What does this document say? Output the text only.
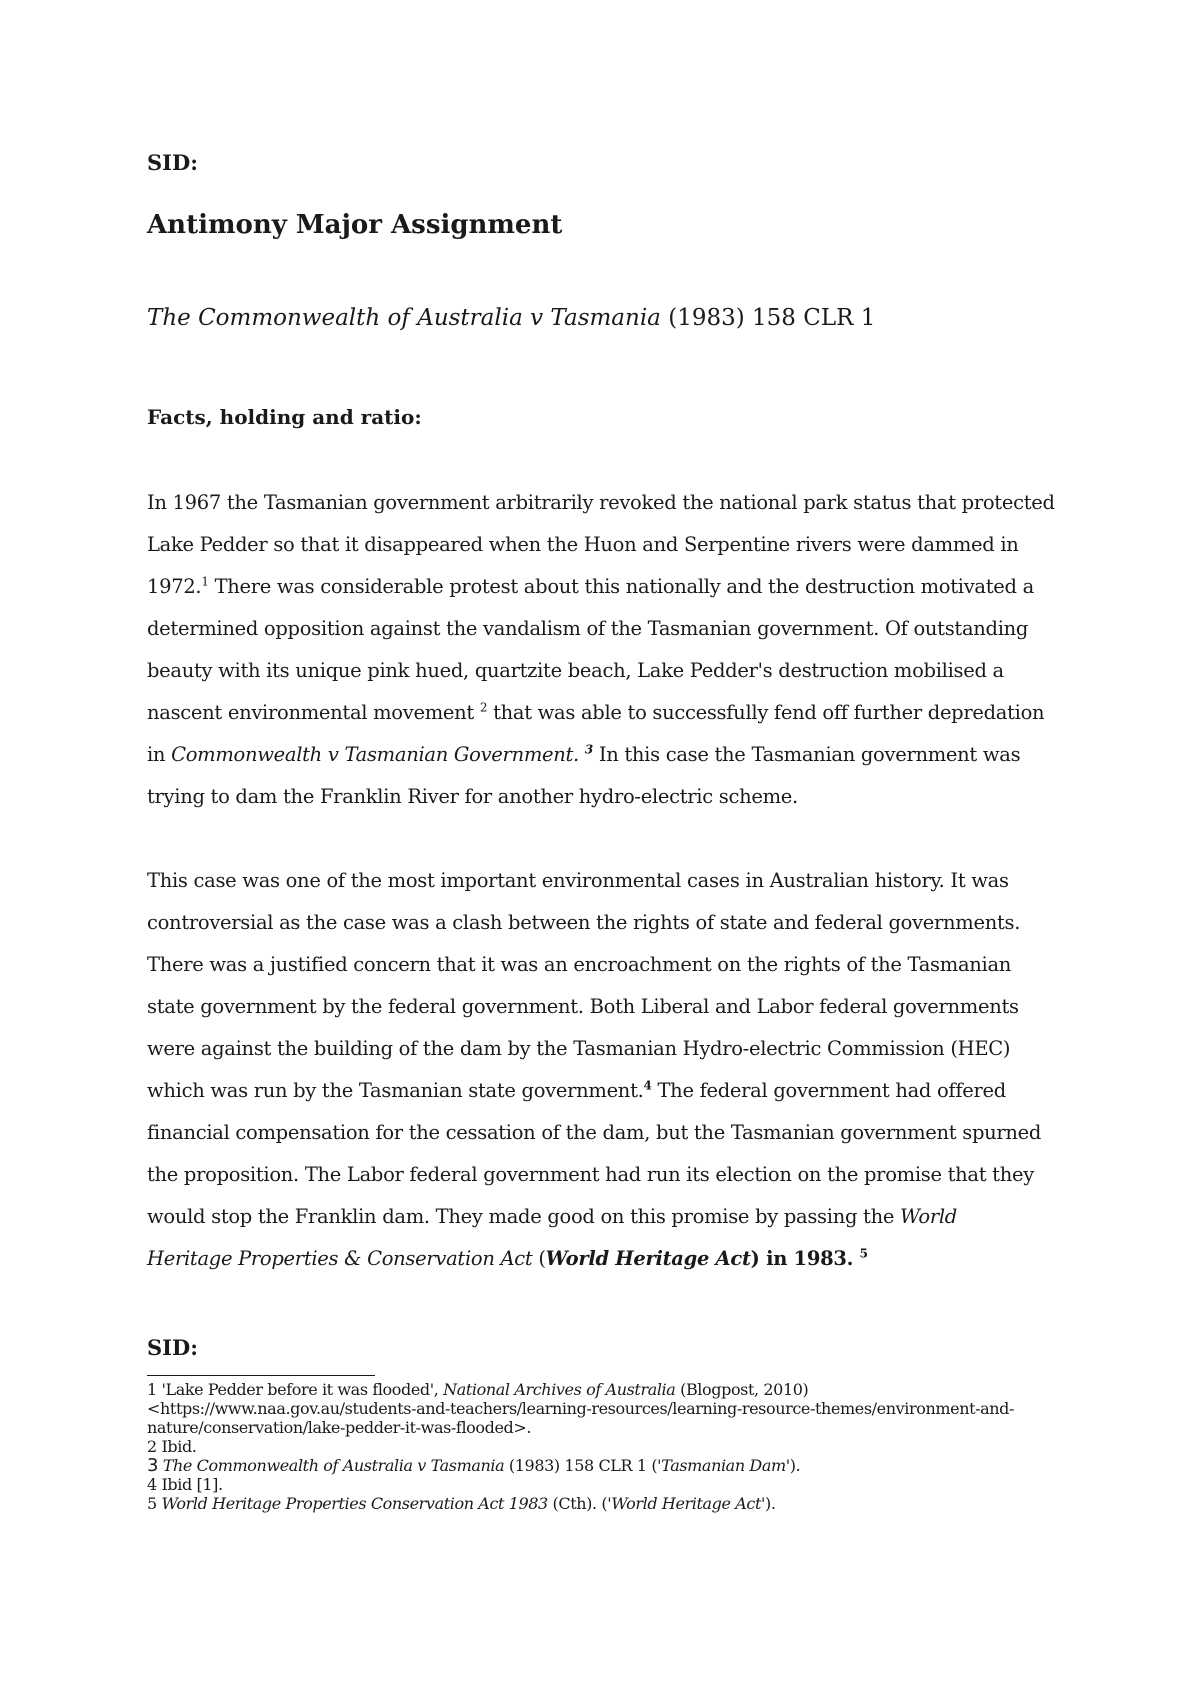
SID:
Antimony Major Assignment
The Commonwealth of Australia v Tasmania (1983) 158 CLR 1
Facts, holding and ratio:
In 1967 the Tasmanian government arbitrarily revoked the national park status that protected
Lake Pedder so that it disappeared when the Huon and Serpentine rivers were dammed in
1972.$^1$ There was considerable protest about this nationally and the destruction motivated a
determined opposition against the vandalism of the Tasmanian government. Of outstanding
beauty with its unique pink hued, quartzite beach, Lake Pedder's destruction mobilised a
nascent environmental movement $^2$ that was able to successfully fend off further depredation
in Commonwealth v Tasmanian Government. $^3$ In this case the Tasmanian government was
trying to dam the Franklin River for another hydro-electric scheme.
This case was one of the most important environmental cases in Australian history. It was
controversial as the case was a clash between the rights of state and federal governments.
There was a justified concern that it was an encroachment on the rights of the Tasmanian
state government by the federal government. Both Liberal and Labor federal governments
were against the building of the dam by the Tasmanian Hydro-electric Commission (HEC)
which was run by the Tasmanian state government.$^4$ The federal government had offered
financial compensation for the cessation of the dam, but the Tasmanian government spurned
the proposition. The Labor federal government had run its election on the promise that they
would stop the Franklin dam. They made good on this promise by passing the World
Heritage Properties & Conservation Act (World Heritage Act) in 1983. $^5$
SID:
1 'Lake Pedder before it was flooded', National Archives of Australia (Blogpost, 2010)
<https://www.naa.gov.au/students-and-teachers/learning-resources/learning-resource-themes/environment-and-
nature/conservation/lake-pedder-it-was-flooded>.
2 Ibid.
3 The Commonwealth of Australia v Tasmania (1983) 158 CLR 1 ('Tasmanian Dam').
4 Ibid [1].
5 World Heritage Properties Conservation Act 1983 (Cth). ('World Heritage Act').
